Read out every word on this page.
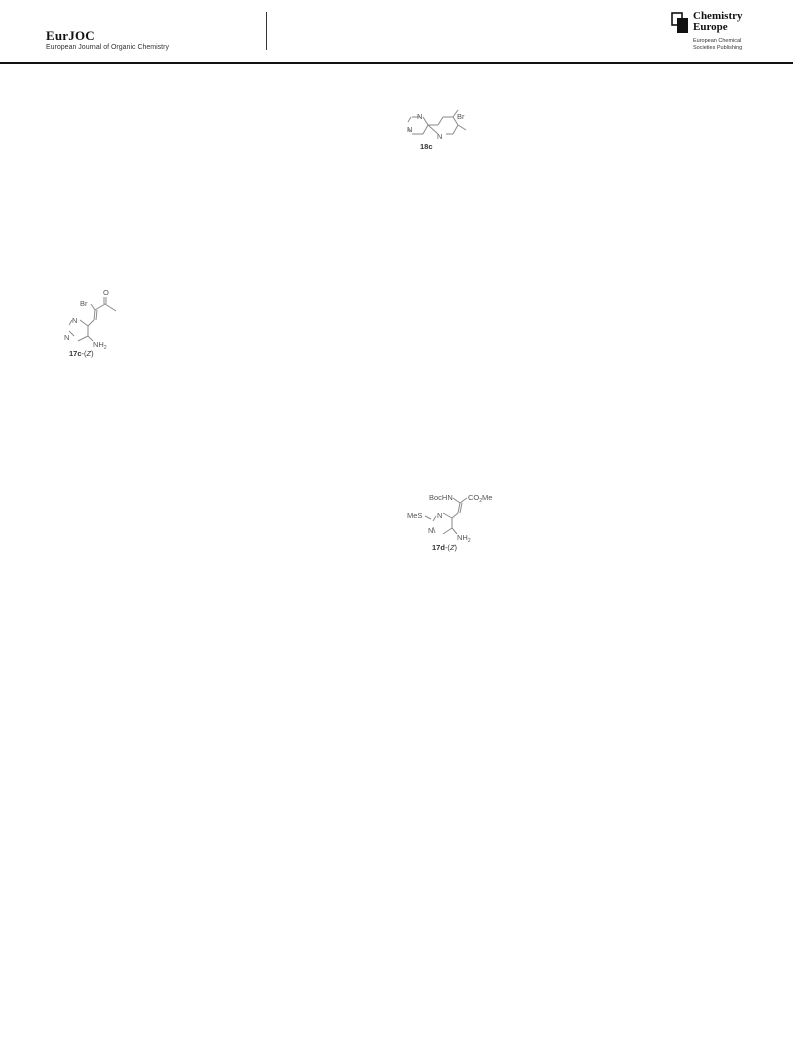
EurJOC
European Journal of Organic Chemistry
Chemistry
Europe
European Chemical
Societies Publishing
N
N
N
Br
18c
O
Br
N
N
$NH_2$
17c-(Z)
BocHN $CO_2Me$
MeS N
N
$NH_2$
17d-(Z)
